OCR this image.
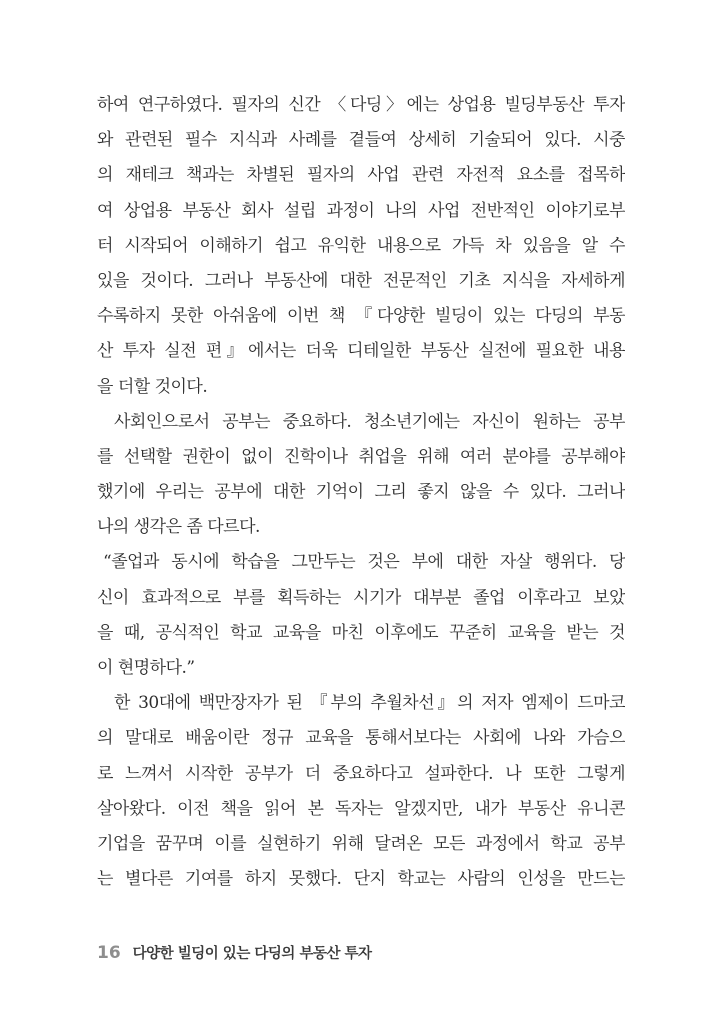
하여 연구하였다. 필자의 신간 〈다딩〉에는 상업용 빌딩부동산 투자
와 관련된 필수 지식과 사례를 곁들여 상세히 기술되어 있다. 시중
의 재테크 책과는 차별된 필자의 사업 관련 자전적 요소를 접목하
여 상업용 부동산 회사 설립 과정이 나의 사업 전반적인 이야기로부
터 시작되어 이해하기 쉽고 유익한 내용으로 가득 차 있음을 알 수
있을 것이다. 그러나 부동산에 대한 전문적인 기초 지식을 자세하게
수록하지 못한 아쉬움에 이번 책 『다양한 빌딩이 있는 다딩의 부동
산 투자 실전 편』에서는 더욱 디테일한 부동산 실전에 필요한 내용
을 더할 것이다.
사회인으로서 공부는 중요하다. 청소년기에는 자신이 원하는 공부
를 선택할 권한이 없이 진학이나 취업을 위해 여러 분야를 공부해야
했기에 우리는 공부에 대한 기억이 그리 좋지 않을 수 있다. 그러나
나의 생각은 좀 다르다.
“졸업과 동시에 학습을 그만두는 것은 부에 대한 자살 행위다. 당
신이 효과적으로 부를 획득하는 시기가 대부분 졸업 이후라고 보았
을 때, 공식적인 학교 교육을 마친 이후에도 꾸준히 교육을 받는 것
이 현명하다.”
한 30대에 백만장자가 된 『부의 추월차선』의 저자 엠제이 드마코
의 말대로 배움이란 정규 교육을 통해서보다는 사회에 나와 가슴으
로 느껴서 시작한 공부가 더 중요하다고 설파한다. 나 또한 그렇게
살아왔다. 이전 책을 읽어 본 독자는 알겠지만, 내가 부동산 유니콘
기업을 꿈꾸며 이를 실현하기 위해 달려온 모든 과정에서 학교 공부
는 별다른 기여를 하지 못했다. 단지 학교는 사람의 인성을 만드는
16 다양한 빌딩이 있는 다딩의 부동산 투자
